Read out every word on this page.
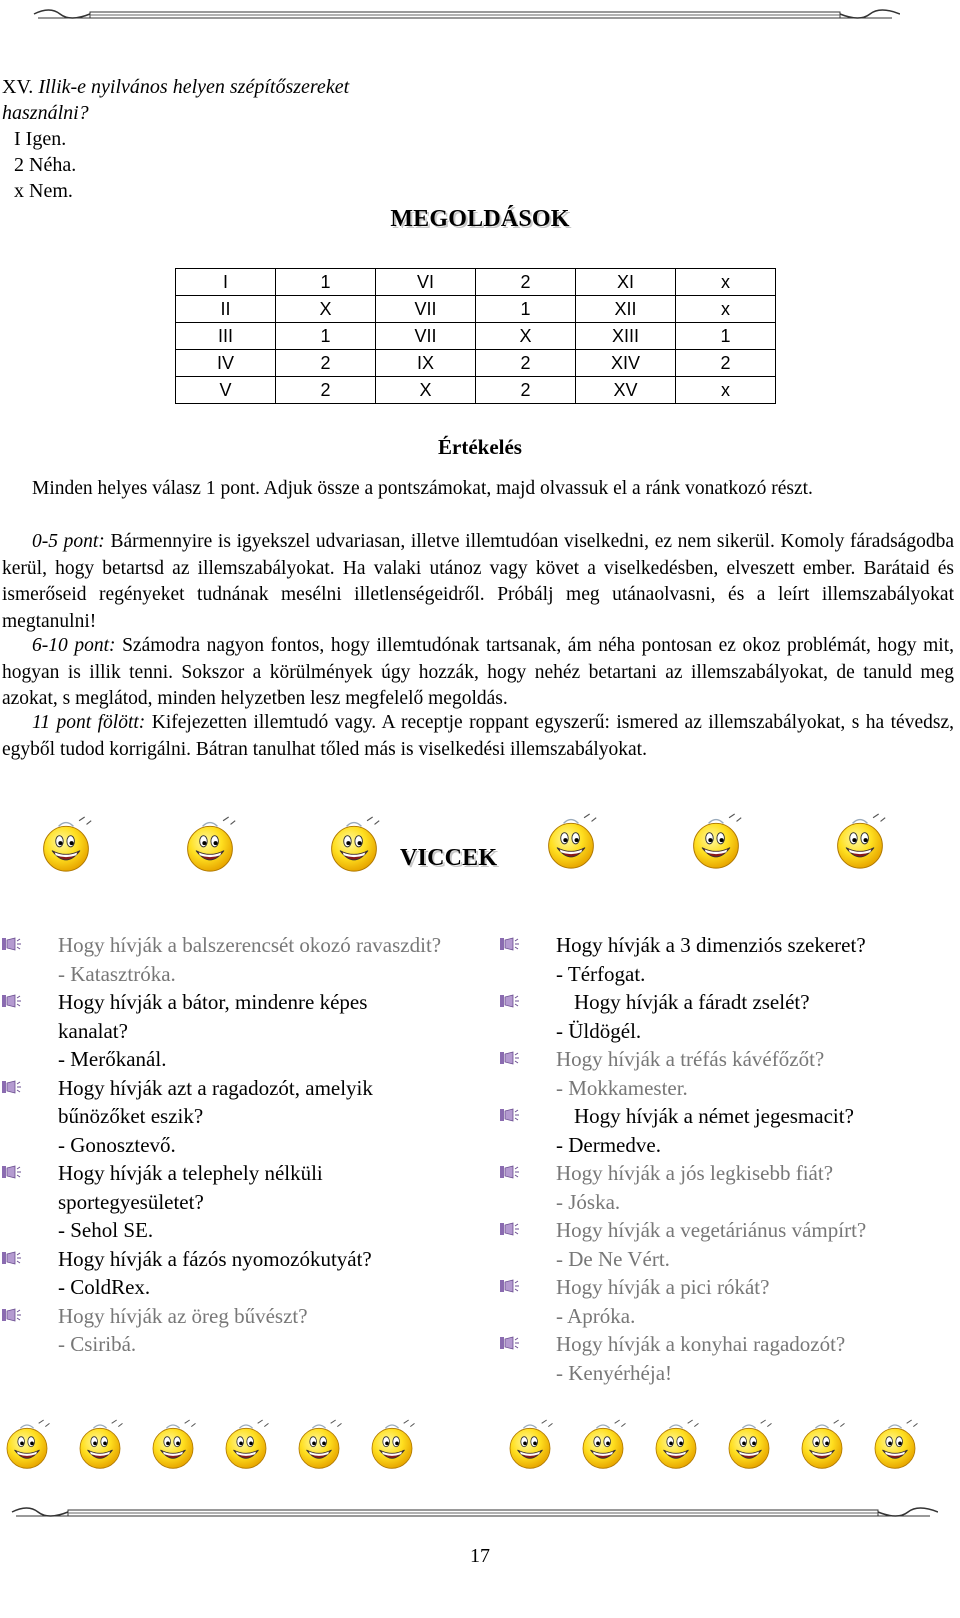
XV. Illik-e nyilvános helyen szépítőszereket használni?
I Igen.
2 Néha.
x Nem.
MEGOLDÁSOK
I	1	VI	2	XI	x
II	X	VII	1	XII	x
III	1	VII	X	XIII	1
IV	2	IX	2	XIV	2
V	2	X	2	XV	x
Értékelés
Minden helyes válasz 1 pont. Adjuk össze a pontszámokat, majd olvassuk el a ránk vonatkozó részt.
0-5 pont: Bármennyire is igyekszel udvariasan, illetve illemtudóan viselkedni, ez nem sikerül. Komoly fáradságodba kerül, hogy betartsd az illemszabályokat. Ha valaki utánoz vagy követ a viselkedésben, elveszett ember. Barátaid és ismerőseid regényeket tudnának mesélni illetlenségeidről. Próbálj meg utánaolvasni, és a leírt illemszabályokat megtanulni!
6-10 pont: Számodra nagyon fontos, hogy illemtudónak tartsanak, ám néha pontosan ez okoz problémát, hogy mit, hogyan is illik tenni. Sokszor a körülmények úgy hozzák, hogy nehéz betartani az illemszabályokat, de tanuld meg azokat, s meglátod, minden helyzetben lesz megfelelő megoldás.
11 pont fölött: Kifejezetten illemtudó vagy. A receptje roppant egyszerű: ismered az illemszabályokat, s ha tévedsz, egyből tudod korrigálni. Bátran tanulhat tőled más is viselkedési illemszabályokat.
VICCEK
Hogy hívják a balszerencsét okozó ravaszdit?
- Katasztróka.
Hogy hívják a bátor, mindenre képes kanalat?
- Merőkanál.
Hogy hívják azt a ragadozót, amelyik bűnözőket eszik?
- Gonosztevő.
Hogy hívják a telephely nélküli sportegyesületet?
- Sehol SE.
Hogy hívják a fázós nyomozókutyát?
- ColdRex.
Hogy hívják az öreg bűvészt?
- Csiribá.
Hogy hívják a 3 dimenziós szekeret?
- Térfogat.
Hogy hívják a fáradt zselét?
- Üldögél.
Hogy hívják a tréfás kávéfőzőt?
- Mokkamester.
Hogy hívják a német jegesmacit?
- Dermedve.
Hogy hívják a jós legkisebb fiát?
- Jóska.
Hogy hívják a vegetáriánus vámpírt?
- De Ne Vért.
Hogy hívják a pici rókát?
- Apróka.
Hogy hívják a konyhai ragadozót?
- Kenyérhéja!
17
